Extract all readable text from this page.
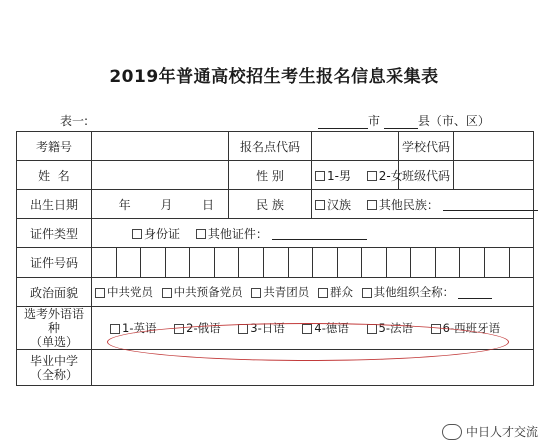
2019年普通高校招生考生报名信息采集表
表一:	市	县（市、区）
考籍号		报名点代码		学校代码	
姓  名		性 别	1-男 2-女	班级代码	
出生日期	年 月 日	民 族	汉族 其他民族：		
证件类型	身份证 其他证件：				
证件号码					

政治面貌	中共党员 中共预备党员 共青团员 群众 其他组织全称：				

选考外语语种
（单选）	1-英语 2-俄语 3-日语 4-德语 5-法语 6-西班牙语				

毕业中学
（全称）					

中日人才交流
